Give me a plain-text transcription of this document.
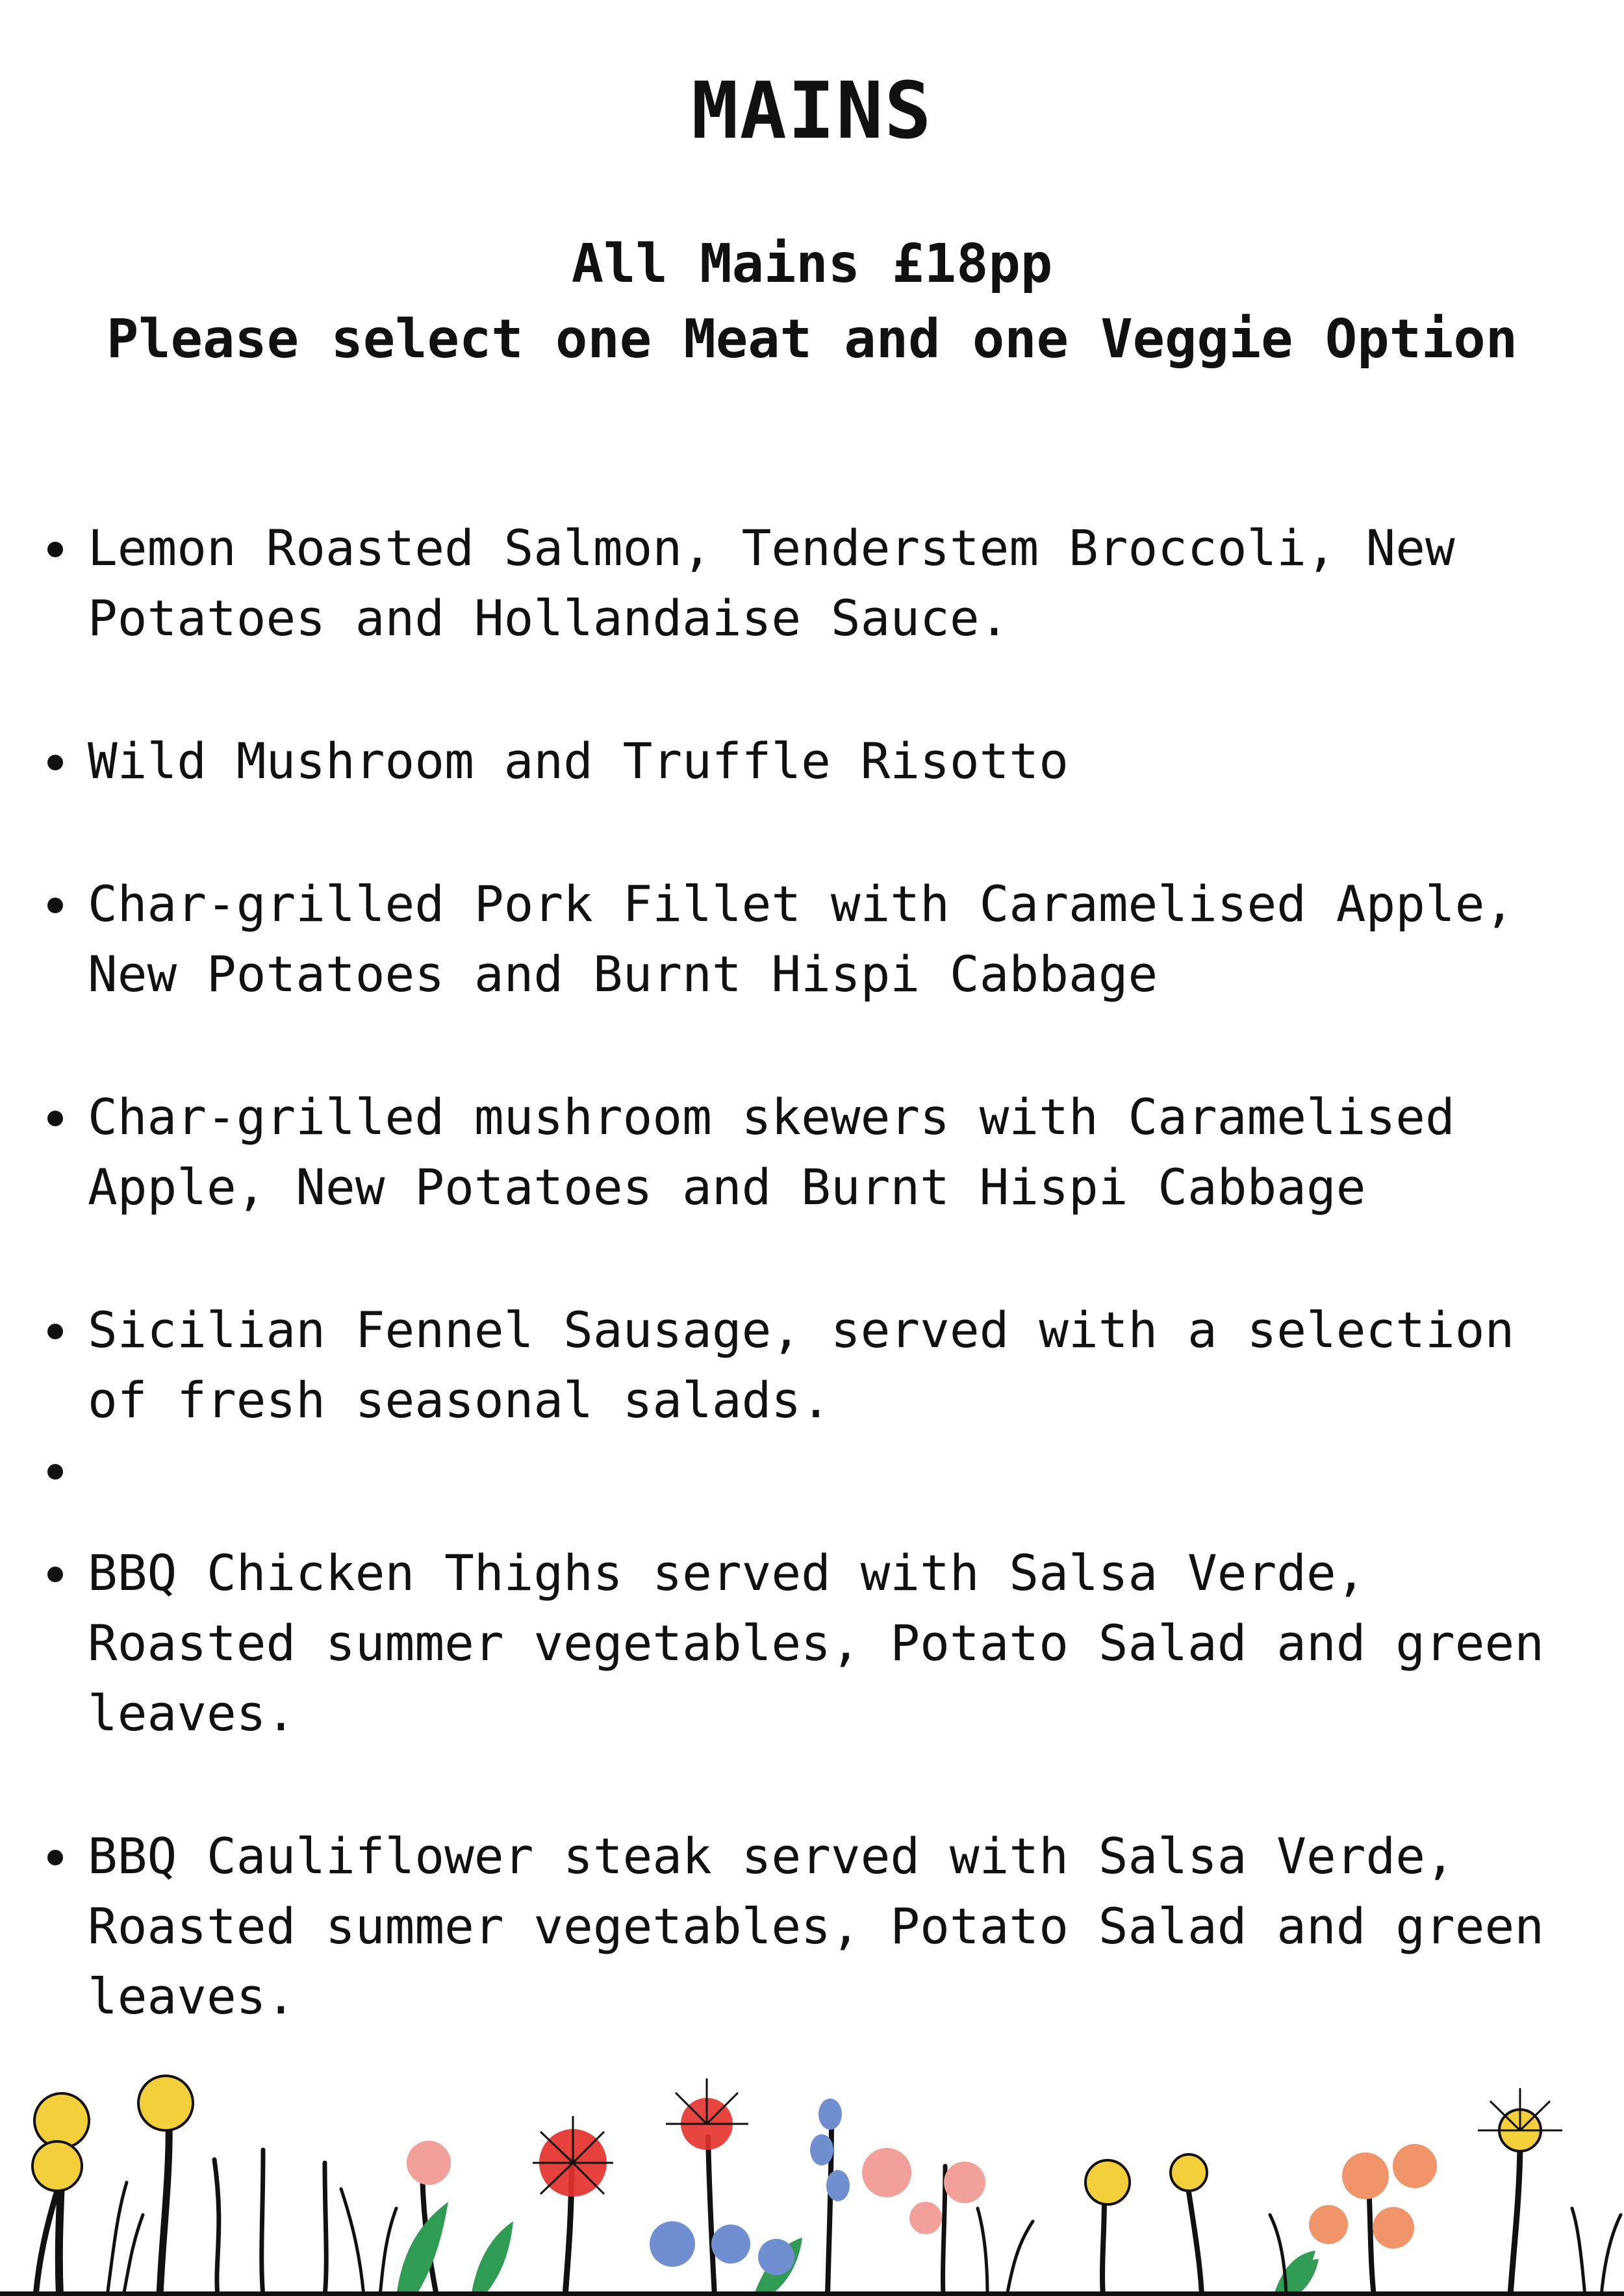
MAINS
All Mains £18pp
Please select one Meat and one Veggie Option
Lemon Roasted Salmon, Tenderstem Broccoli, New
Potatoes and Hollandaise Sauce.
Wild Mushroom and Truffle Risotto
Char-grilled Pork Fillet with Caramelised Apple,
New Potatoes and Burnt Hispi Cabbage
Char-grilled mushroom skewers with Caramelised
Apple, New Potatoes and Burnt Hispi Cabbage
Sicilian Fennel Sausage, served with a selection
of fresh seasonal salads.
BBQ Chicken Thighs served with Salsa Verde,
Roasted summer vegetables, Potato Salad and green
leaves.
BBQ Cauliflower steak served with Salsa Verde,
Roasted summer vegetables, Potato Salad and green
leaves.
